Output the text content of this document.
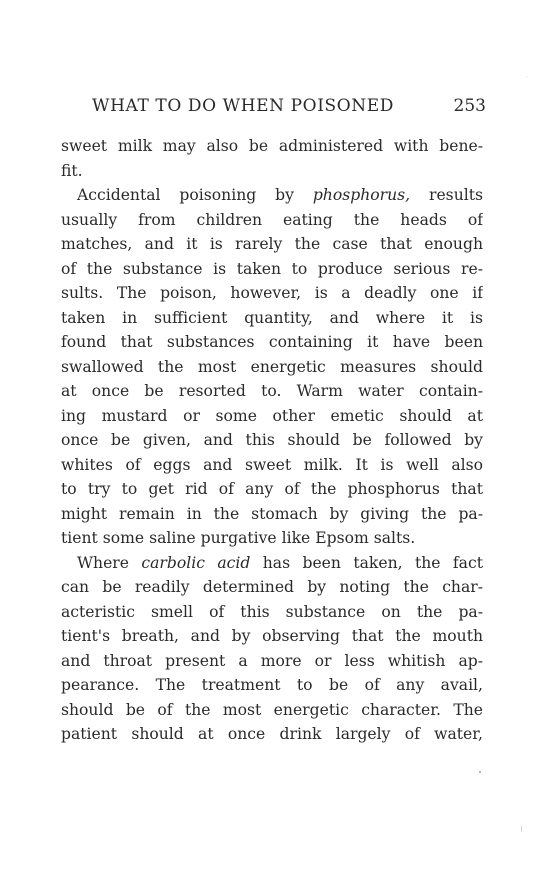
WHAT TO DO WHEN POISONED	253
sweet milk may also be administered with bene-
fit.
Accidental poisoning by phosphorus, results
usually from children eating the heads of
matches, and it is rarely the case that enough
of the substance is taken to produce serious re-
sults. The poison, however, is a deadly one if
taken in sufficient quantity, and where it is
found that substances containing it have been
swallowed the most energetic measures should
at once be resorted to. Warm water contain-
ing mustard or some other emetic should at
once be given, and this should be followed by
whites of eggs and sweet milk. It is well also
to try to get rid of any of the phosphorus that
might remain in the stomach by giving the pa-
tient some saline purgative like Epsom salts.
Where carbolic acid has been taken, the fact
can be readily determined by noting the char-
acteristic smell of this substance on the pa-
tient's breath, and by observing that the mouth
and throat present a more or less whitish ap-
pearance. The treatment to be of any avail,
should be of the most energetic character. The
patient should at once drink largely of water,
